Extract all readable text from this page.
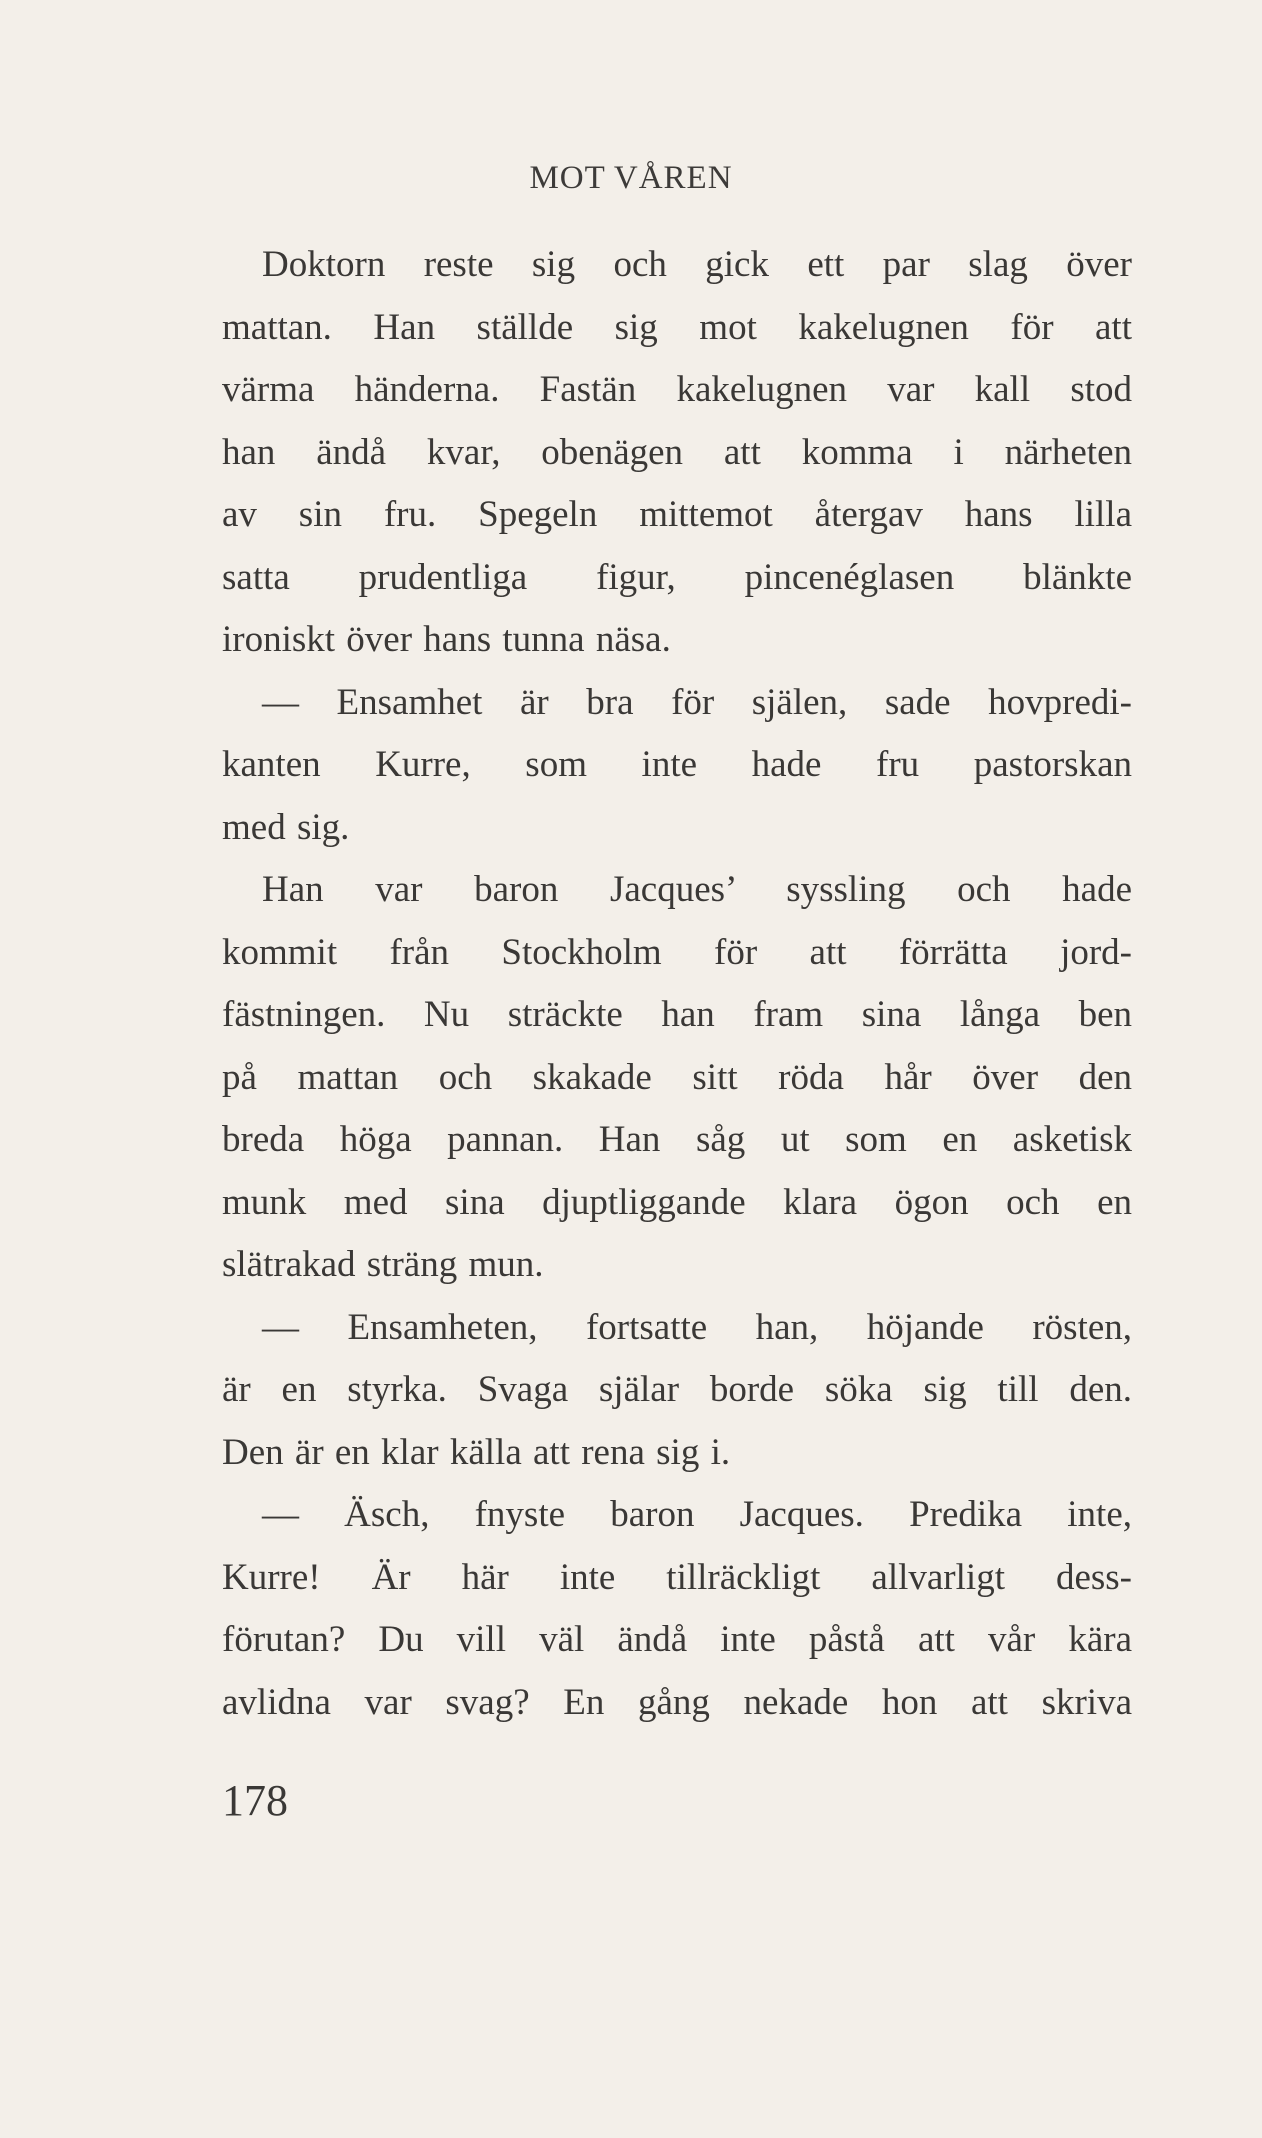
MOT VÅREN
Doktorn reste sig och gick ett par slag över
mattan. Han ställde sig mot kakelugnen för att
värma händerna. Fastän kakelugnen var kall stod
han ändå kvar, obenägen att komma i närheten
av sin fru. Spegeln mittemot återgav hans lilla
satta prudentliga figur, pincenéglasen blänkte
ironiskt över hans tunna näsa.
— Ensamhet är bra för själen, sade hovpredi-
kanten Kurre, som inte hade fru pastorskan
med sig.
Han var baron Jacques’ syssling och hade
kommit från Stockholm för att förrätta jord-
fästningen. Nu sträckte han fram sina långa ben
på mattan och skakade sitt röda hår över den
breda höga pannan. Han såg ut som en asketisk
munk med sina djuptliggande klara ögon och en
slätrakad sträng mun.
— Ensamheten, fortsatte han, höjande rösten,
är en styrka. Svaga själar borde söka sig till den.
Den är en klar källa att rena sig i.
— Äsch, fnyste baron Jacques. Predika inte,
Kurre! Är här inte tillräckligt allvarligt dess-
förutan? Du vill väl ändå inte påstå att vår kära
avlidna var svag? En gång nekade hon att skriva
178
